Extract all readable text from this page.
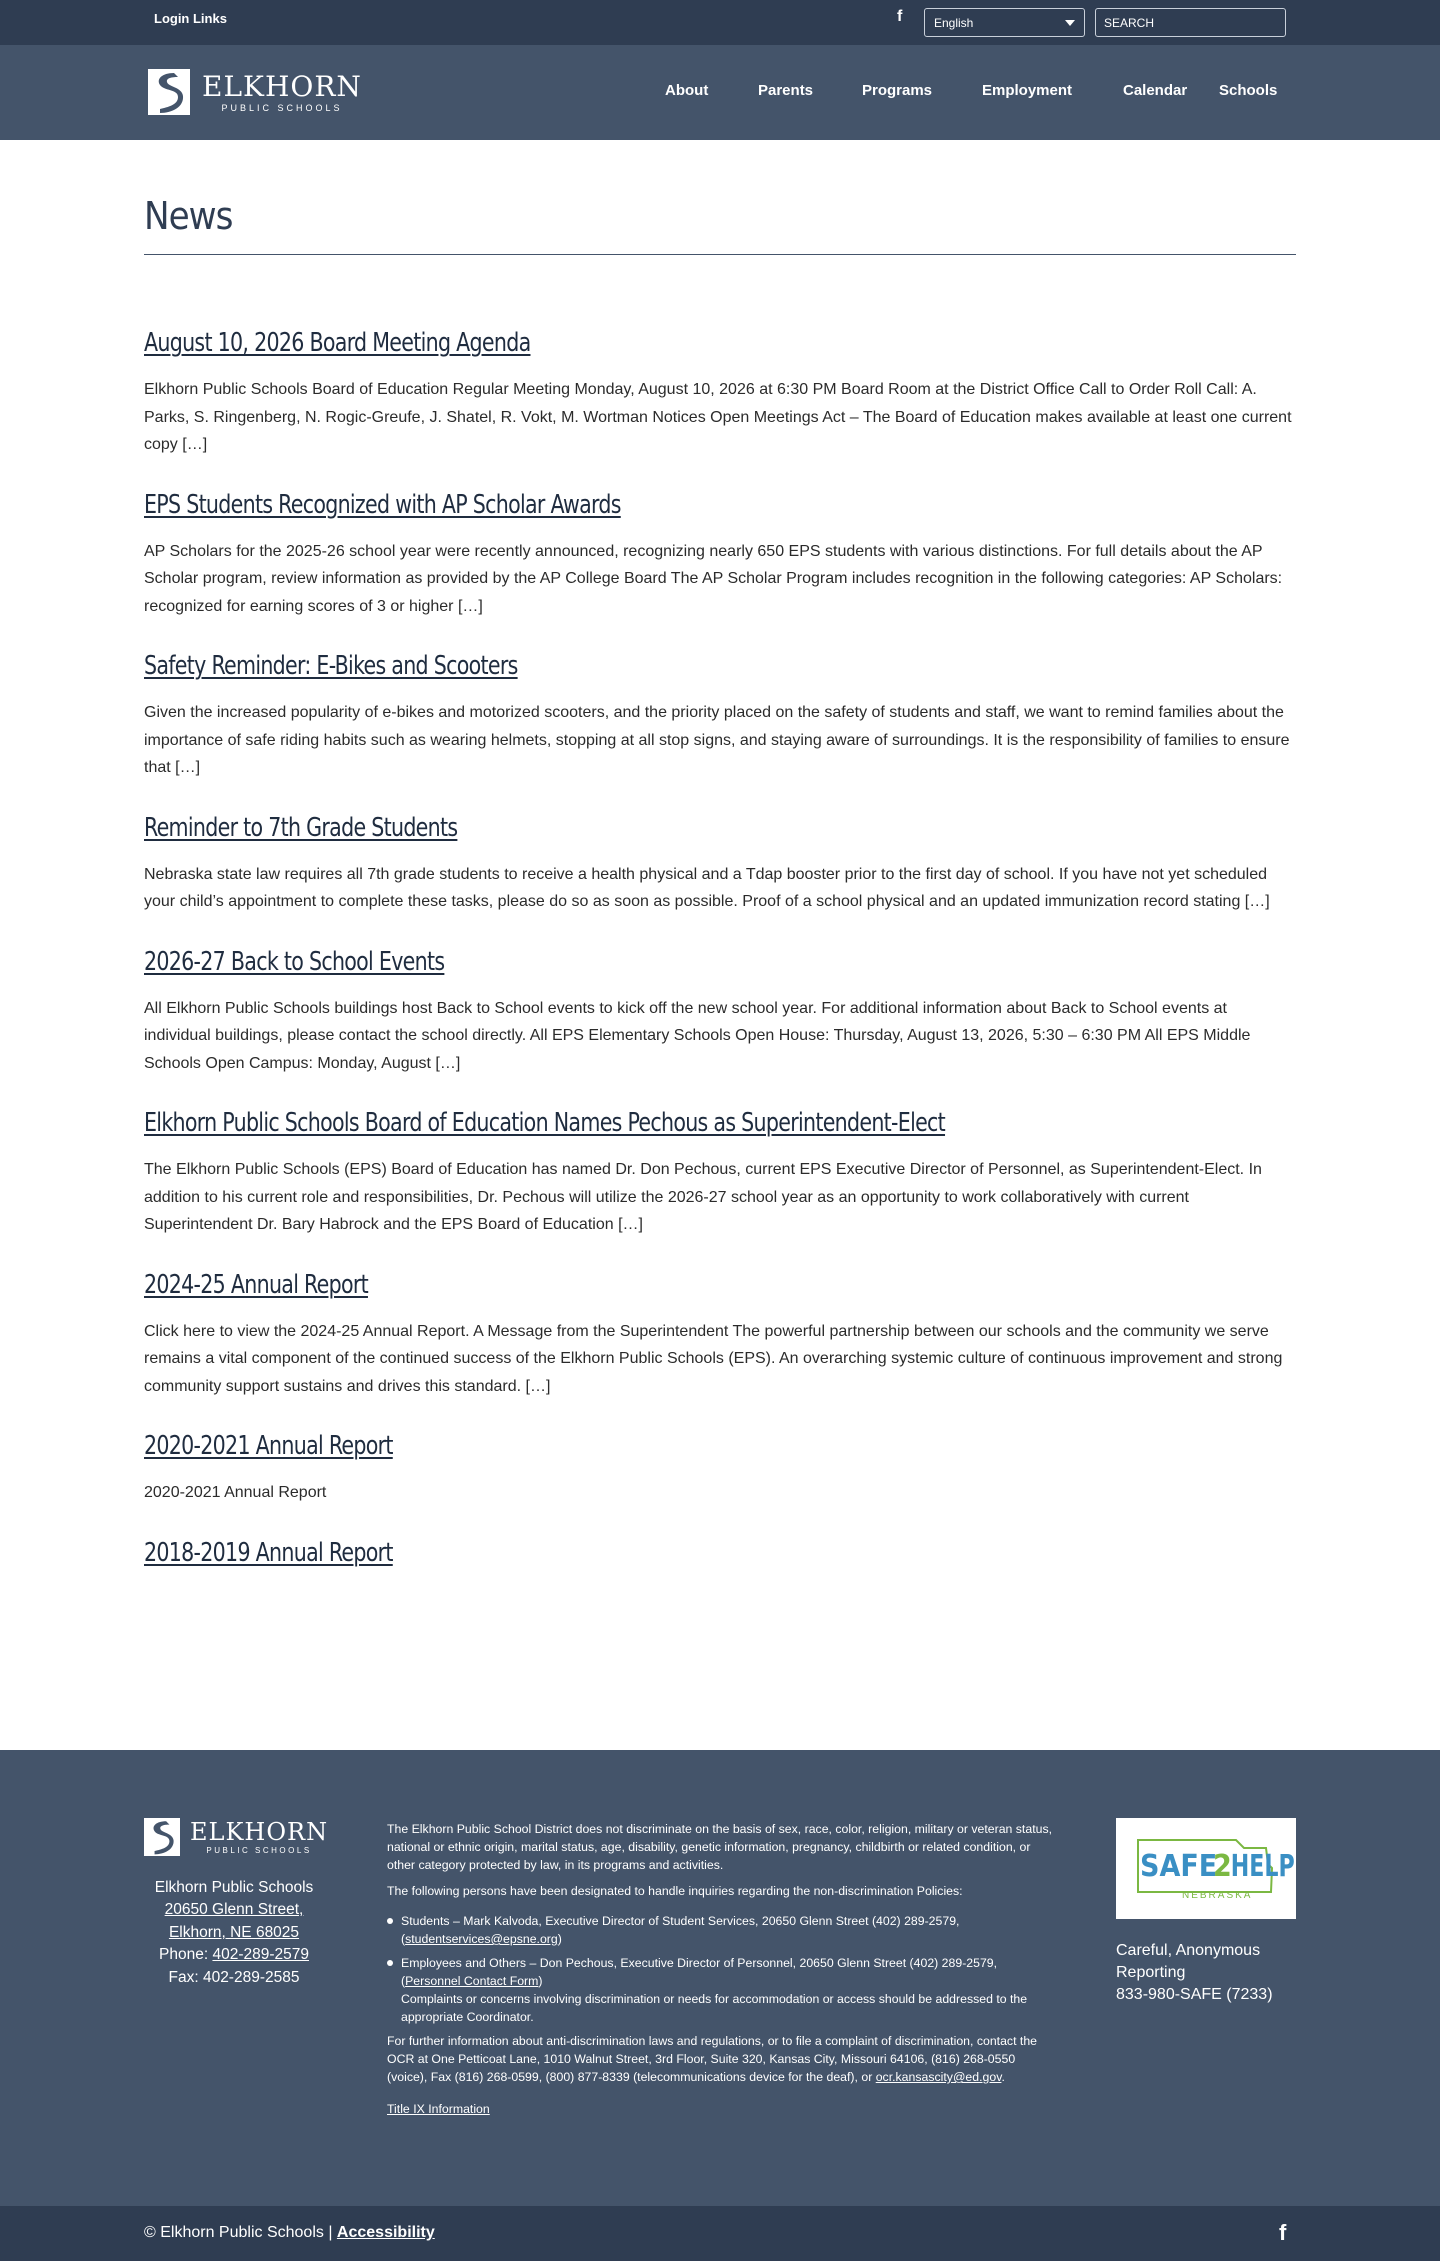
Login Links	f	English
SEARCH
ELKHORN
PUBLIC SCHOOLS
About	Parents	Programs	Employment	Calendar Schools
News
August 10, 2026 Board Meeting Agenda

Elkhorn Public Schools Board of Education Regular Meeting Monday, August 10, 2026 at 6:30 PM Board Room at the District Office Call to Order Roll Call: A. Parks, S. Ringenberg, N. Rogic-Greufe, J. Shatel, R. Vokt, M. Wortman Notices Open Meetings Act – The Board of Education makes available at least one current copy […]

EPS Students Recognized with AP Scholar Awards

AP Scholars for the 2025-26 school year were recently announced, recognizing nearly 650 EPS students with various distinctions. For full details about the AP Scholar program, review information as provided by the AP College Board The AP Scholar Program includes recognition in the following categories: AP Scholars: recognized for earning scores of 3 or higher […]

Safety Reminder: E-Bikes and Scooters

Given the increased popularity of e-bikes and motorized scooters, and the priority placed on the safety of students and staff, we want to remind families about the importance of safe riding habits such as wearing helmets, stopping at all stop signs, and staying aware of surroundings. It is the responsibility of families to ensure that […]

Reminder to 7th Grade Students

Nebraska state law requires all 7th grade students to receive a health physical and a Tdap booster prior to the first day of school. If you have not yet scheduled your child’s appointment to complete these tasks, please do so as soon as possible. Proof of a school physical and an updated immunization record stating […]

2026-27 Back to School Events

All Elkhorn Public Schools buildings host Back to School events to kick off the new school year. For additional information about Back to School events at individual buildings, please contact the school directly. All EPS Elementary Schools Open House: Thursday, August 13, 2026, 5:30 – 6:30 PM All EPS Middle Schools Open Campus: Monday, August […]

Elkhorn Public Schools Board of Education Names Pechous as Superintendent-Elect

The Elkhorn Public Schools (EPS) Board of Education has named Dr. Don Pechous, current EPS Executive Director of Personnel, as Superintendent-Elect. In addition to his current role and responsibilities, Dr. Pechous will utilize the 2026-27 school year as an opportunity to work collaboratively with current Superintendent Dr. Bary Habrock and the EPS Board of Education […]

2024-25 Annual Report

Click here to view the 2024-25 Annual Report. A Message from the Superintendent The powerful partnership between our schools and the community we serve remains a vital component of the continued success of the Elkhorn Public Schools (EPS). An overarching systemic culture of continuous improvement and strong community support sustains and drives this standard. […]

2020-2021 Annual Report

2020-2021 Annual Report

2018-2019 Annual Report
ELKHORN
PUBLIC SCHOOLS
Elkhorn Public Schools
20650 Glenn Street,
Elkhorn, NE 68025
Phone: 402-289-2579
Fax: 402-289-2585

The Elkhorn Public School District does not discriminate on the basis of sex, race, color, religion, military or veteran status, national or ethnic origin, marital status, age, disability, genetic information, pregnancy, childbirth or related condition, or other category protected by law, in its programs and activities.

The following persons have been designated to handle inquiries regarding the non-discrimination Policies:

Students – Mark Kalvoda, Executive Director of Student Services, 20650 Glenn Street (402) 289-2579,
(studentservices@epsne.org)
Employees and Others – Don Pechous, Executive Director of Personnel, 20650 Glenn Street (402) 289-2579,
(Personnel Contact Form)
Complaints or concerns involving discrimination or needs for accommodation or access should be addressed to the appropriate Coordinator.

For further information about anti-discrimination laws and regulations, or to file a complaint of discrimination, contact the OCR at One Petticoat Lane, 1010 Walnut Street, 3rd Floor, Suite 320, Kansas City, Missouri 64106, (816) 268-0550 (voice), Fax (816) 268-0599, (800) 877-8339 (telecommunications device for the deaf), or ocr.kansascity@ed.gov.

Title IX Information
SAFE
2 HELP
NEBRASKA
Careful, Anonymous
Reporting
833-980-SAFE (7233)
© Elkhorn Public Schools | Accessibility	f
